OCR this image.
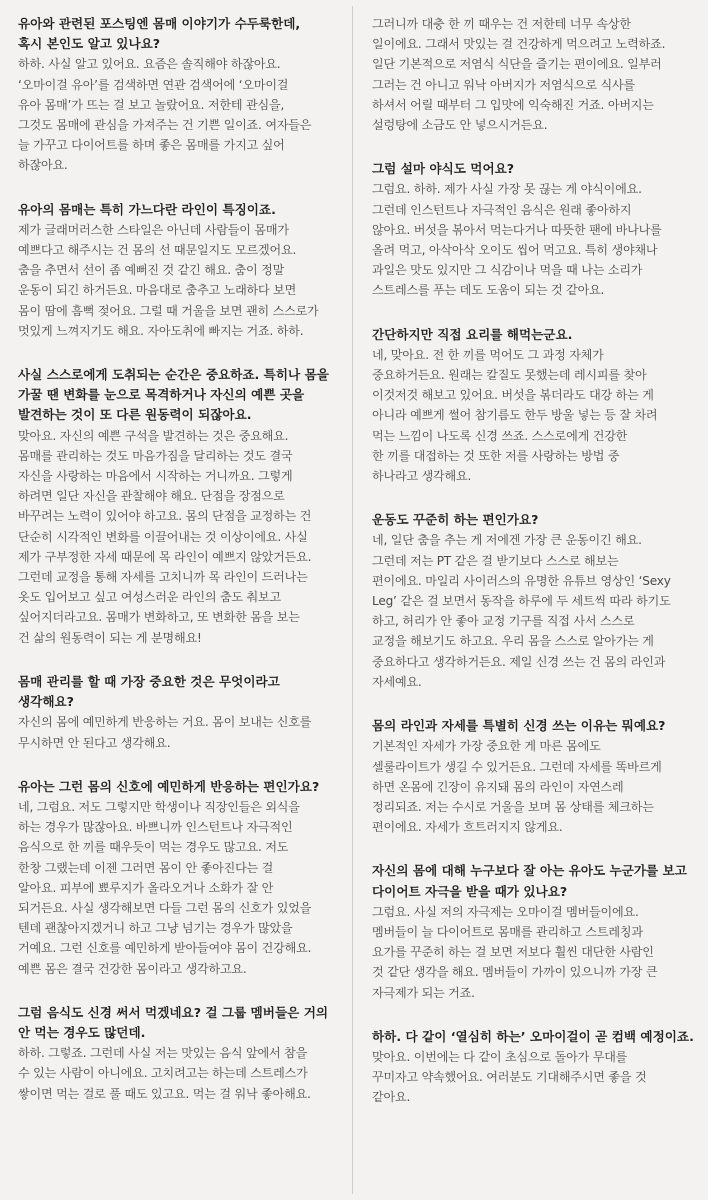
유아와 관련된 포스팅엔 몸매 이야기가 수두룩한데,
혹시 본인도 알고 있나요?
하하. 사실 알고 있어요. 요즘은 솔직해야 하잖아요.
‘오마이걸 유아’를 검색하면 연관 검색어에 ‘오마이걸
유아 몸매’가 뜨는 걸 보고 놀랐어요. 저한테 관심을,
그것도 몸매에 관심을 가져주는 건 기쁜 일이죠. 여자들은
늘 가꾸고 다이어트를 하며 좋은 몸매를 가지고 싶어
하잖아요.
유아의 몸매는 특히 가느다란 라인이 특징이죠.
제가 글래머러스한 스타일은 아닌데 사람들이 몸매가
예쁘다고 해주시는 건 몸의 선 때문일지도 모르겠어요.
춤을 추면서 선이 좀 예뻐진 것 같긴 해요. 춤이 정말
운동이 되긴 하거든요. 마음대로 춤추고 노래하다 보면
몸이 땀에 흠뻑 젖어요. 그럴 때 거울을 보면 괜히 스스로가
멋있게 느껴지기도 해요. 자아도취에 빠지는 거죠. 하하.
사실 스스로에게 도취되는 순간은 중요하죠. 특히나 몸을
가꿀 땐 변화를 눈으로 목격하거나 자신의 예쁜 곳을
발견하는 것이 또 다른 원동력이 되잖아요.
맞아요. 자신의 예쁜 구석을 발견하는 것은 중요해요.
몸매를 관리하는 것도 마음가짐을 달리하는 것도 결국
자신을 사랑하는 마음에서 시작하는 거니까요. 그렇게
하려면 일단 자신을 관찰해야 해요. 단점을 장점으로
바꾸려는 노력이 있어야 하고요. 몸의 단점을 교정하는 건
단순히 시각적인 변화를 이끌어내는 것 이상이에요. 사실
제가 구부정한 자세 때문에 목 라인이 예쁘지 않았거든요.
그런데 교정을 통해 자세를 고치니까 목 라인이 드러나는
옷도 입어보고 싶고 여성스러운 라인의 춤도 춰보고
싶어지더라고요. 몸매가 변화하고, 또 변화한 몸을 보는
건 삶의 원동력이 되는 게 분명해요!
몸매 관리를 할 때 가장 중요한 것은 무엇이라고
생각해요?
자신의 몸에 예민하게 반응하는 거요. 몸이 보내는 신호를
무시하면 안 된다고 생각해요.
유아는 그런 몸의 신호에 예민하게 반응하는 편인가요?
네, 그럼요. 저도 그렇지만 학생이나 직장인들은 외식을
하는 경우가 많잖아요. 바쁘니까 인스턴트나 자극적인
음식으로 한 끼를 때우듯이 먹는 경우도 많고요. 저도
한창 그랬는데 이젠 그러면 몸이 안 좋아진다는 걸
알아요. 피부에 뾰루지가 올라오거나 소화가 잘 안
되거든요. 사실 생각해보면 다들 그런 몸의 신호가 있었을
텐데 괜찮아지겠거니 하고 그냥 넘기는 경우가 많았을
거예요. 그런 신호를 예민하게 받아들여야 몸이 건강해요.
예쁜 몸은 결국 건강한 몸이라고 생각하고요.
그럼 음식도 신경 써서 먹겠네요? 걸 그룹 멤버들은 거의
안 먹는 경우도 많던데.
하하. 그렇죠. 그런데 사실 저는 맛있는 음식 앞에서 참을
수 있는 사람이 아니에요. 고치려고는 하는데 스트레스가
쌓이면 먹는 걸로 풀 때도 있고요. 먹는 걸 워낙 좋아해요.
그러니까 대충 한 끼 때우는 건 저한테 너무 속상한
일이에요. 그래서 맛있는 걸 건강하게 먹으려고 노력하죠.
일단 기본적으로 저염식 식단을 즐기는 편이에요. 일부러
그러는 건 아니고 워낙 아버지가 저염식으로 식사를
하셔서 어릴 때부터 그 입맛에 익숙해진 거죠. 아버지는
설렁탕에 소금도 안 넣으시거든요.
그럼 설마 야식도 먹어요?
그럼요. 하하. 제가 사실 가장 못 끊는 게 야식이에요.
그런데 인스턴트나 자극적인 음식은 원래 좋아하지
않아요. 버섯을 볶아서 먹는다거나 따뜻한 팬에 바나나를
올려 먹고, 아삭아삭 오이도 씹어 먹고요. 특히 생야채나
과일은 맛도 있지만 그 식감이나 먹을 때 나는 소리가
스트레스를 푸는 데도 도움이 되는 것 같아요.
간단하지만 직접 요리를 해먹는군요.
네, 맞아요. 전 한 끼를 먹어도 그 과정 자체가
중요하거든요. 원래는 칼질도 못했는데 레시피를 찾아
이것저것 해보고 있어요. 버섯을 볶더라도 대강 하는 게
아니라 예쁘게 썰어 참기름도 한두 방울 넣는 등 잘 차려
먹는 느낌이 나도록 신경 쓰죠. 스스로에게 건강한
한 끼를 대접하는 것 또한 저를 사랑하는 방법 중
하나라고 생각해요.
운동도 꾸준히 하는 편인가요?
네, 일단 춤을 추는 게 저에겐 가장 큰 운동이긴 해요.
그런데 저는 PT 같은 걸 받기보다 스스로 해보는
편이에요. 마일리 사이러스의 유명한 유튜브 영상인 ‘Sexy
Leg’ 같은 걸 보면서 동작을 하루에 두 세트씩 따라 하기도
하고, 허리가 안 좋아 교정 기구를 직접 사서 스스로
교정을 해보기도 하고요. 우리 몸을 스스로 알아가는 게
중요하다고 생각하거든요. 제일 신경 쓰는 건 몸의 라인과
자세예요.
몸의 라인과 자세를 특별히 신경 쓰는 이유는 뭐예요?
기본적인 자세가 가장 중요한 게 마른 몸에도
셀룰라이트가 생길 수 있거든요. 그런데 자세를 똑바르게
하면 온몸에 긴장이 유지돼 몸의 라인이 자연스레
정리되죠. 저는 수시로 거울을 보며 몸 상태를 체크하는
편이에요. 자세가 흐트러지지 않게요.
자신의 몸에 대해 누구보다 잘 아는 유아도 누군가를 보고
다이어트 자극을 받을 때가 있나요?
그럼요. 사실 저의 자극제는 오마이걸 멤버들이에요.
멤버들이 늘 다이어트로 몸매를 관리하고 스트레칭과
요가를 꾸준히 하는 걸 보면 저보다 훨씬 대단한 사람인
것 같단 생각을 해요. 멤버들이 가까이 있으니까 가장 큰
자극제가 되는 거죠.
하하. 다 같이 ‘열심히 하는’ 오마이걸이 곧 컴백 예정이죠.
맞아요. 이번에는 다 같이 초심으로 돌아가 무대를
꾸미자고 약속했어요. 여러분도 기대해주시면 좋을 것
같아요.
